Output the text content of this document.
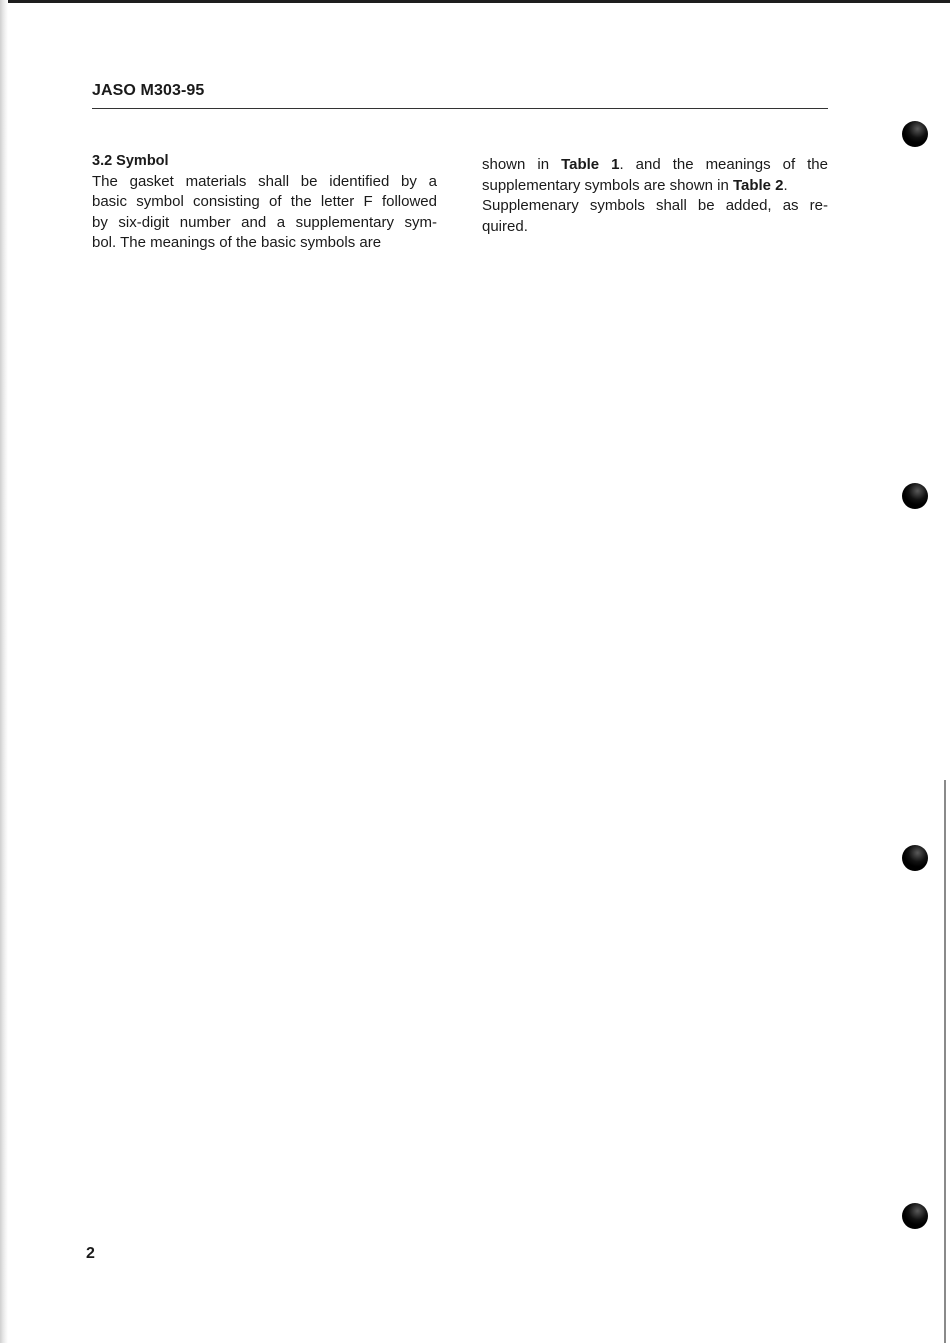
JASO M303-95
3.2 Symbol
The gasket materials shall be identified by a
basic symbol consisting of the letter F followed
by six-digit number and a supplementary sym-
bol. The meanings of the basic symbols are
shown in Table 1. and the meanings of the
supplementary symbols are shown in Table 2.
Supplemenary symbols shall be added, as re-
quired.
2
